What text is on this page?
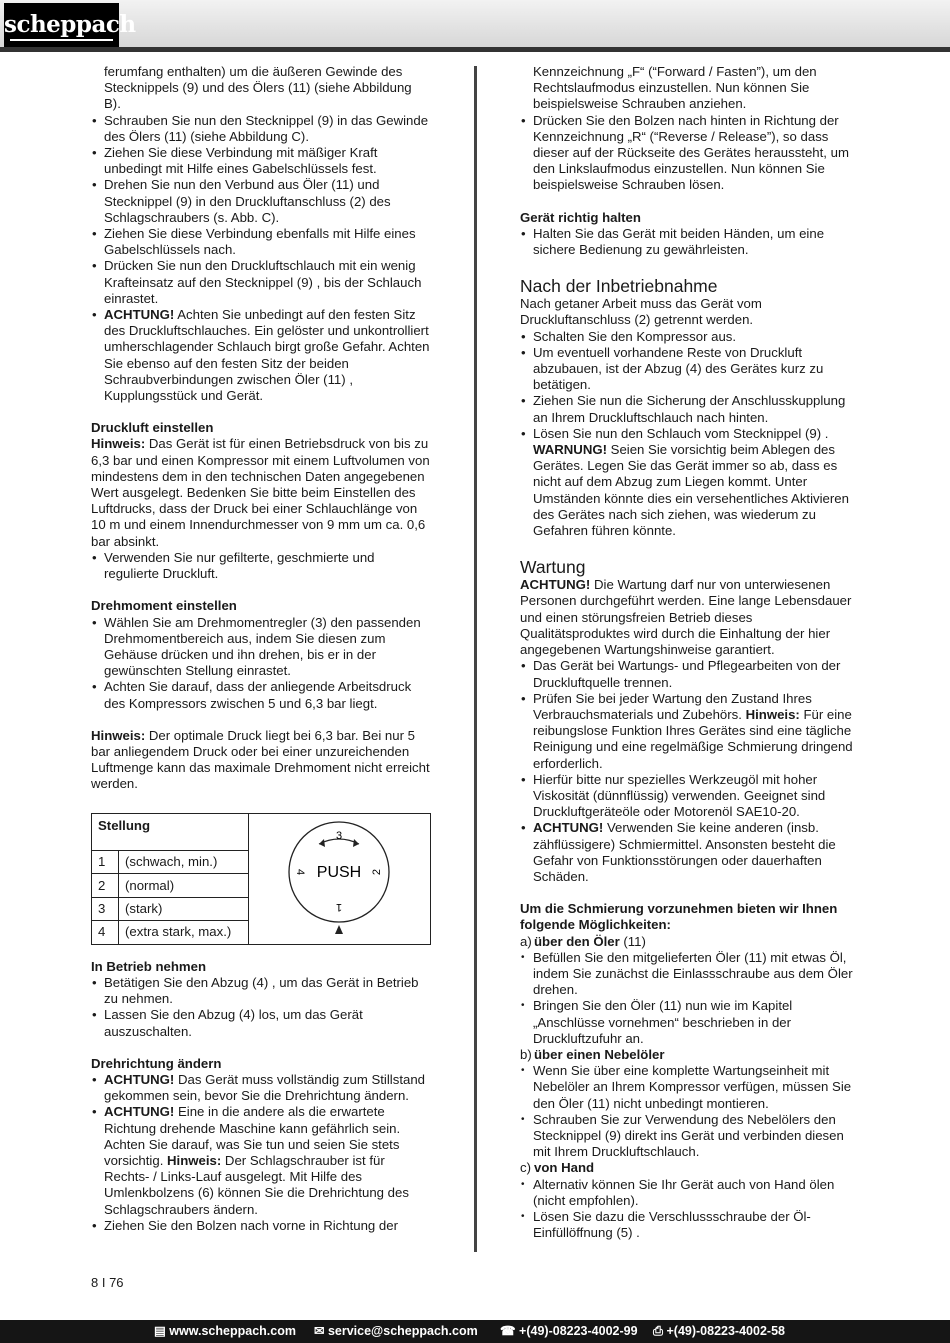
scheppach
ferumfang enthalten) um die äußeren Gewinde des Stecknippels (9) und des Ölers (11) (siehe Abbildung B).
• Schrauben Sie nun den Stecknippel (9) in das Gewinde des Ölers (11) (siehe Abbildung C).
• Ziehen Sie diese Verbindung mit mäßiger Kraft unbedingt mit Hilfe eines Gabelschlüssels fest.
• Drehen Sie nun den Verbund aus Öler (11) und Stecknippel (9) in den Druckluftanschluss (2) des Schlagschraubers (s. Abb. C).
• Ziehen Sie diese Verbindung ebenfalls mit Hilfe eines Gabelschlüssels nach.
• Drücken Sie nun den Druckluftschlauch mit ein wenig Krafteinsatz auf den Stecknippel (9) , bis der Schlauch einrastet.
• ACHTUNG! Achten Sie unbedingt auf den festen Sitz des Druckluftschlauches. Ein gelöster und unkontrolliert umherschlagender Schlauch birgt große Gefahr. Achten Sie ebenso auf den festen Sitz der beiden Schraubverbindungen zwischen Öler (11) , Kupplungsstück und Gerät.

Druckluft einstellen

Hinweis: Das Gerät ist für einen Betriebsdruck von bis zu 6,3 bar und einen Kompressor mit einem Luftvolumen von mindestens dem in den technischen Daten angegebenen Wert ausgelegt. Bedenken Sie bitte beim Einstellen des Luftdrucks, dass der Druck bei einer Schlauchlänge von 10 m und einem Innendurchmesser von 9 mm um ca. 0,6 bar absinkt.

• Verwenden Sie nur gefilterte, geschmierte und regulierte Druckluft.

Drehmoment einstellen

• Wählen Sie am Drehmomentregler (3) den passenden Drehmomentbereich aus, indem Sie diesen zum Gehäuse drücken und ihn drehen, bis er in der gewünschten Stellung einrastet.
• Achten Sie darauf, dass der anliegende Arbeitsdruck des Kompressors zwischen 5 und 6,3 bar liegt.

Hinweis: Der optimale Druck liegt bei 6,3 bar. Bei nur 5 bar anliegendem Druck oder bei einer unzureichenden Luftmenge kann das maximale Drehmoment nicht erreicht werden.

Stellung		3
PUSH
4 2
1

1	(schwach, min.)	
2	(normal)	
3	(stark)	
4	(extra stark, max.)	

In Betrieb nehmen

• Betätigen Sie den Abzug (4) , um das Gerät in Betrieb zu nehmen.
• Lassen Sie den Abzug (4) los, um das Gerät auszuschalten.

Drehrichtung ändern

• ACHTUNG! Das Gerät muss vollständig zum Stillstand gekommen sein, bevor Sie die Drehrichtung ändern.
• ACHTUNG! Eine in die andere als die erwartete Richtung drehende Maschine kann gefährlich sein. Achten Sie darauf, was Sie tun und seien Sie stets vorsichtig. Hinweis: Der Schlagschrauber ist für Rechts- / Links-Lauf ausgelegt. Mit Hilfe des Umlenkbolzens (6) können Sie die Drehrichtung des Schlagschraubers ändern.
• Ziehen Sie den Bolzen nach vorne in Richtung der

Kennzeichnung „F“ (“Forward / Fasten”), um den Rechtslaufmodus einzustellen. Nun können Sie beispielsweise Schrauben anziehen.

• Drücken Sie den Bolzen nach hinten in Richtung der Kennzeichnung „R“ (“Reverse / Release”), so dass dieser auf der Rückseite des Gerätes heraussteht, um den Linkslaufmodus einzustellen. Nun können Sie beispielsweise Schrauben lösen.

Gerät richtig halten

• Halten Sie das Gerät mit beiden Händen, um eine sichere Bedienung zu gewährleisten.

Nach der Inbetriebnahme

Nach getaner Arbeit muss das Gerät vom Druckluftanschluss (2) getrennt werden.

• Schalten Sie den Kompressor aus.
• Um eventuell vorhandene Reste von Druckluft abzubauen, ist der Abzug (4) des Gerätes kurz zu betätigen.
• Ziehen Sie nun die Sicherung der Anschlusskupplung an Ihrem Druckluftschlauch nach hinten.
• Lösen Sie nun den Schlauch vom Stecknippel (9) . WARNUNG! Seien Sie vorsichtig beim Ablegen des Gerätes. Legen Sie das Gerät immer so ab, dass es nicht auf dem Abzug zum Liegen kommt. Unter Umständen könnte dies ein versehentliches Aktivieren des Gerätes nach sich ziehen, was wiederum zu Gefahren führen könnte.

Wartung

ACHTUNG! Die Wartung darf nur von unterwiesenen Personen durchgeführt werden. Eine lange Lebensdauer und einen störungsfreien Betrieb dieses Qualitätsproduktes wird durch die Einhaltung der hier angegebenen Wartungshinweise garantiert.

• Das Gerät bei Wartungs- und Pflegearbeiten von der Druckluftquelle trennen.
• Prüfen Sie bei jeder Wartung den Zustand Ihres Verbrauchsmaterials und Zubehörs. Hinweis: Für eine reibungslose Funktion Ihres Gerätes sind eine tägliche Reinigung und eine regelmäßige Schmierung dringend erforderlich.
• Hierfür bitte nur spezielles Werkzeugöl mit hoher Viskosität (dünnflüssig) verwenden. Geeignet sind Druckluftgeräteöle oder Motorenöl SAE10-20.
• ACHTUNG! Verwenden Sie keine anderen (insb. zähflüssigere) Schmiermittel. Ansonsten besteht die Gefahr von Funktionsstörungen oder dauerhaften Schäden.

Um die Schmierung vorzunehmen bieten wir Ihnen folgende Möglichkeiten:

a) über den Öler (11)
• Befüllen Sie den mitgelieferten Öler (11) mit etwas Öl, indem Sie zunächst die Einlassschraube aus dem Öler drehen.
• Bringen Sie den Öler (11) nun wie im Kapitel „Anschlüsse vornehmen“ beschrieben in der Druckluftzufuhr an.
b) über einen Nebelöler
• Wenn Sie über eine komplette Wartungseinheit mit Nebelöler an Ihrem Kompressor verfügen, müssen Sie den Öler (11) nicht unbedingt montieren.
• Schrauben Sie zur Verwendung des Nebelölers den Stecknippel (9) direkt ins Gerät und verbinden diesen mit Ihrem Druckluftschlauch.
c) von Hand
• Alternativ können Sie Ihr Gerät auch von Hand ölen (nicht empfohlen).
• Lösen Sie dazu die Verschlussschraube der Öl-Einfüllöffnung (5) .
8 I 76
▤ www.scheppach.com ✉ service@scheppach.com ☎ +(49)-08223-4002-99 ⎙ +(49)-08223-4002-58
